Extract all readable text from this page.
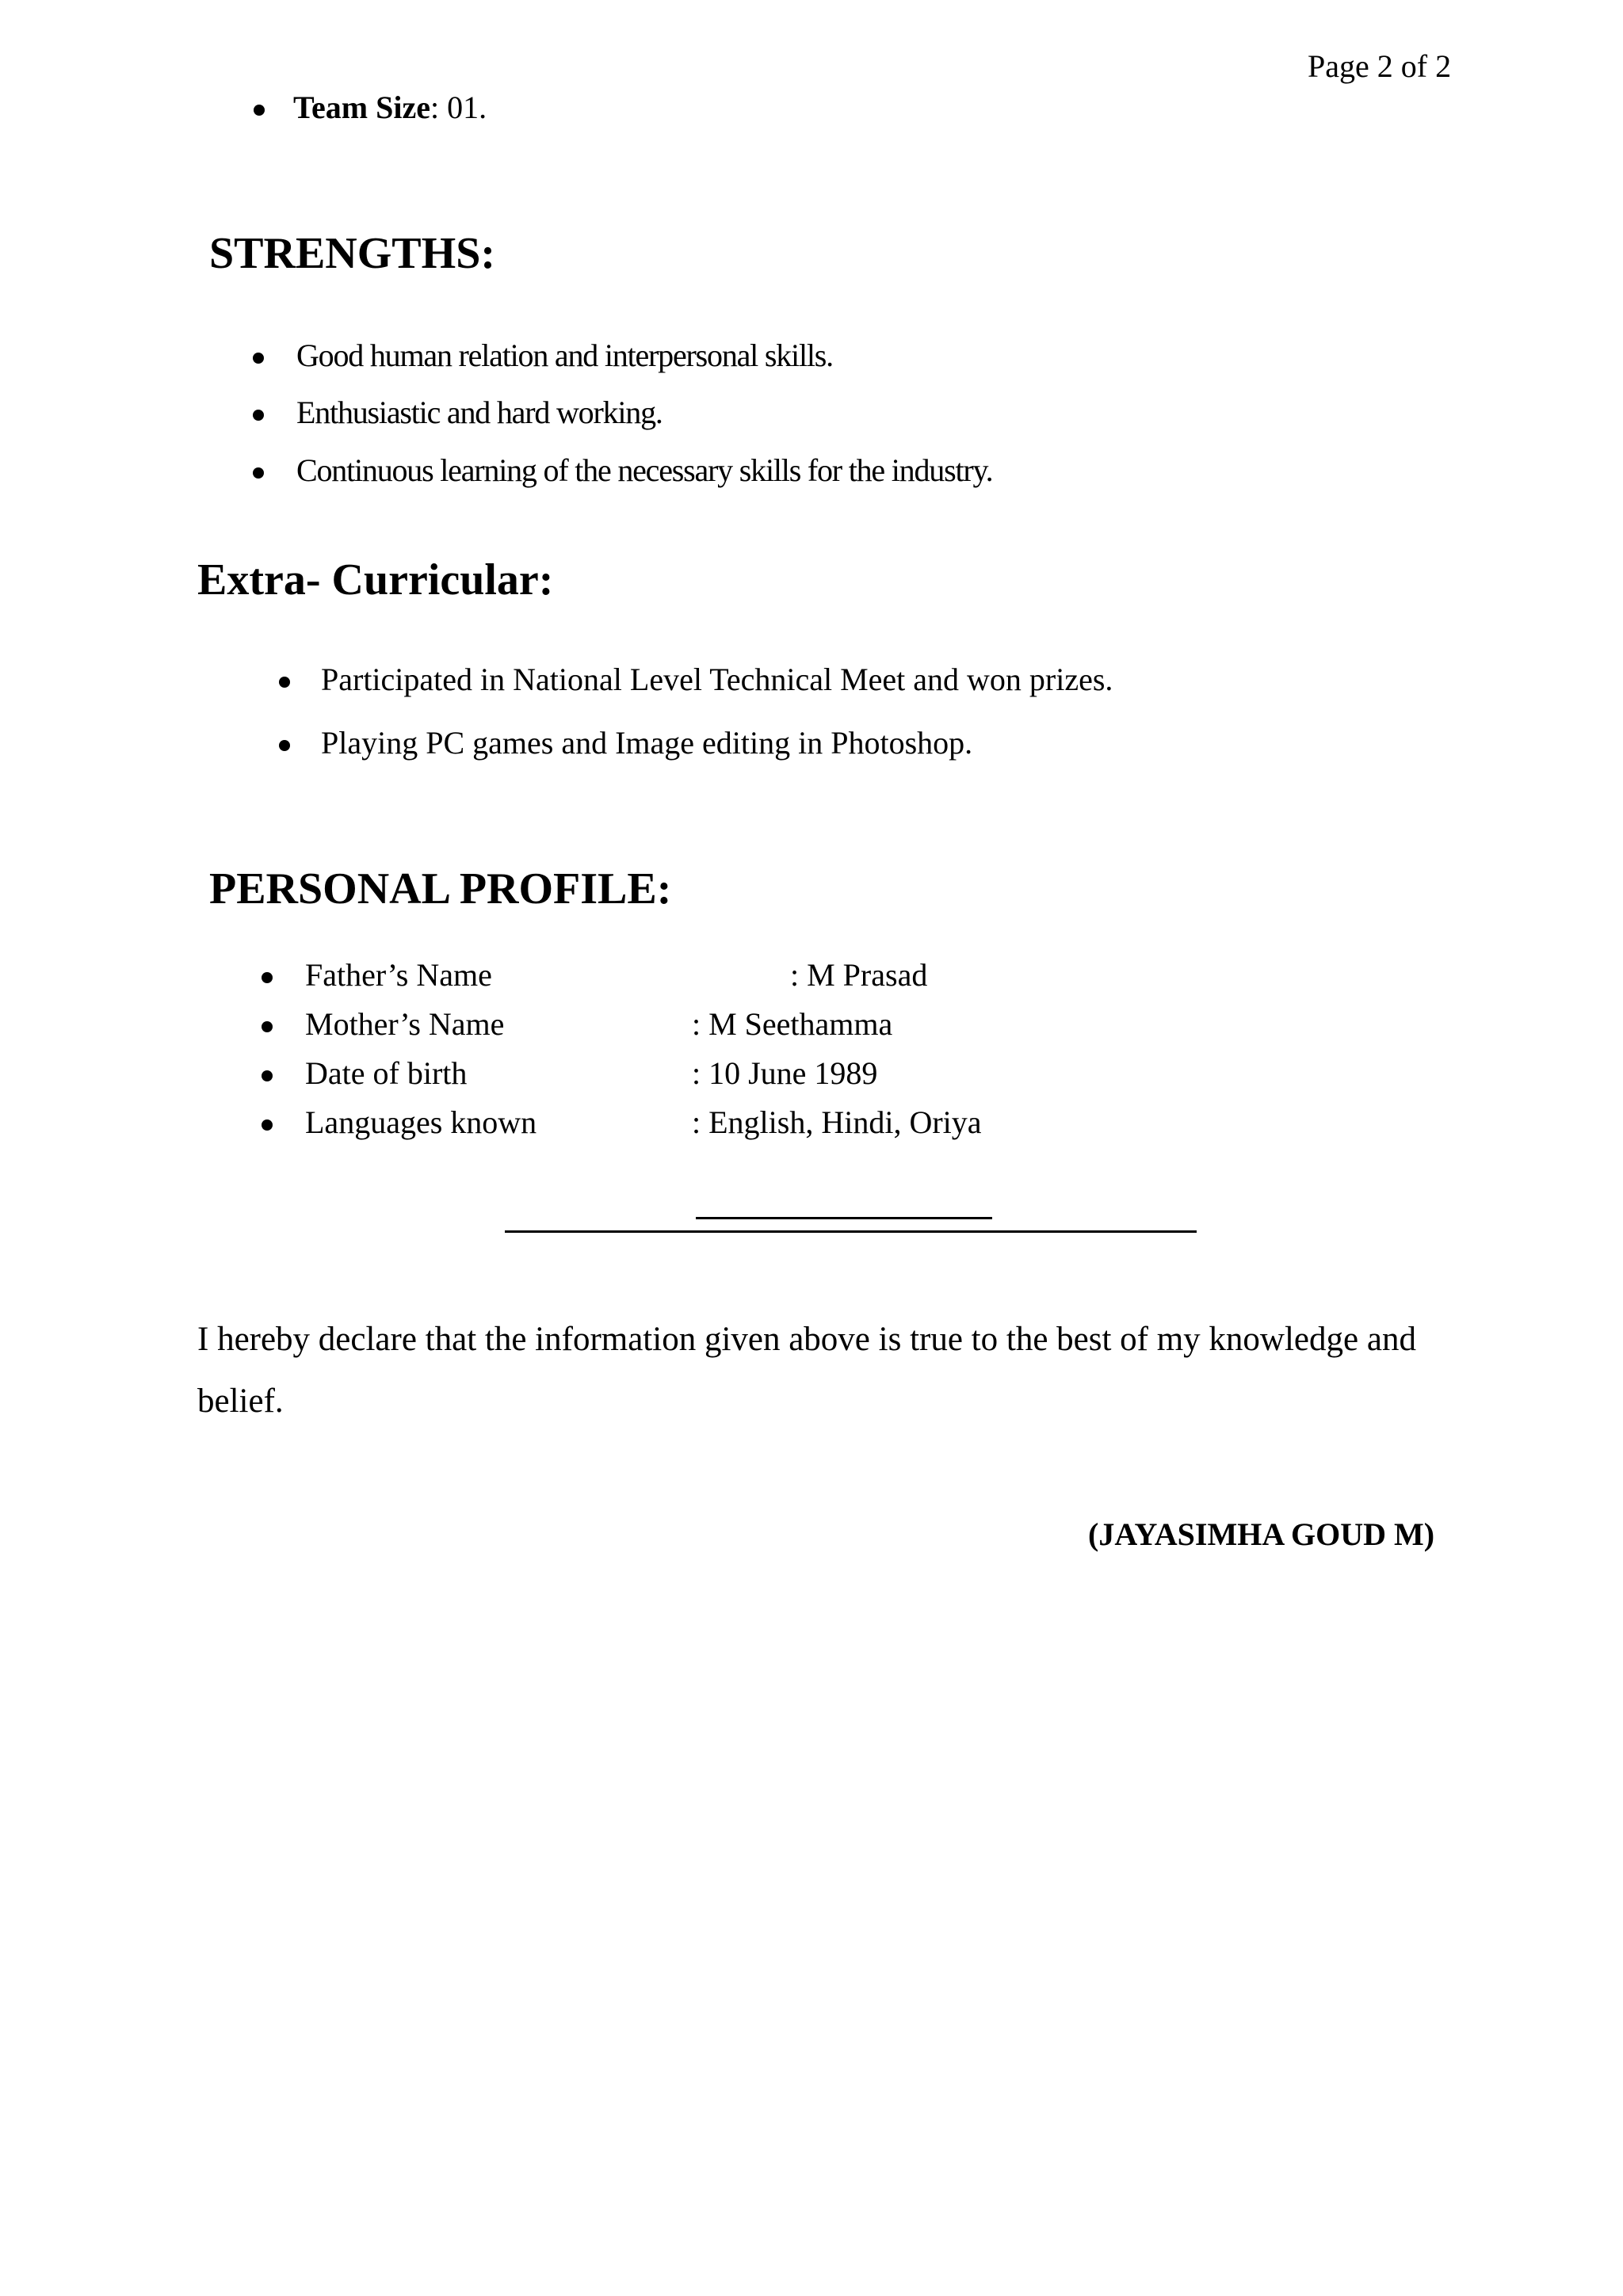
Page 2 of 2
Team Size: 01.
STRENGTHS:
Good human relation and interpersonal skills.
Enthusiastic and hard working.
Continuous learning of the necessary skills for the industry.
Extra- Curricular:
Participated in National Level Technical Meet and won prizes.
Playing PC games and Image editing in Photoshop.
PERSONAL PROFILE:
Father’s Name	: M Prasad
Mother’s Name	: M Seethamma
Date of birth	: 10 June 1989
Languages known	: English, Hindi, Oriya
I hereby declare that the information given above is true to the best of my knowledge and belief.
(JAYASIMHA GOUD M)
